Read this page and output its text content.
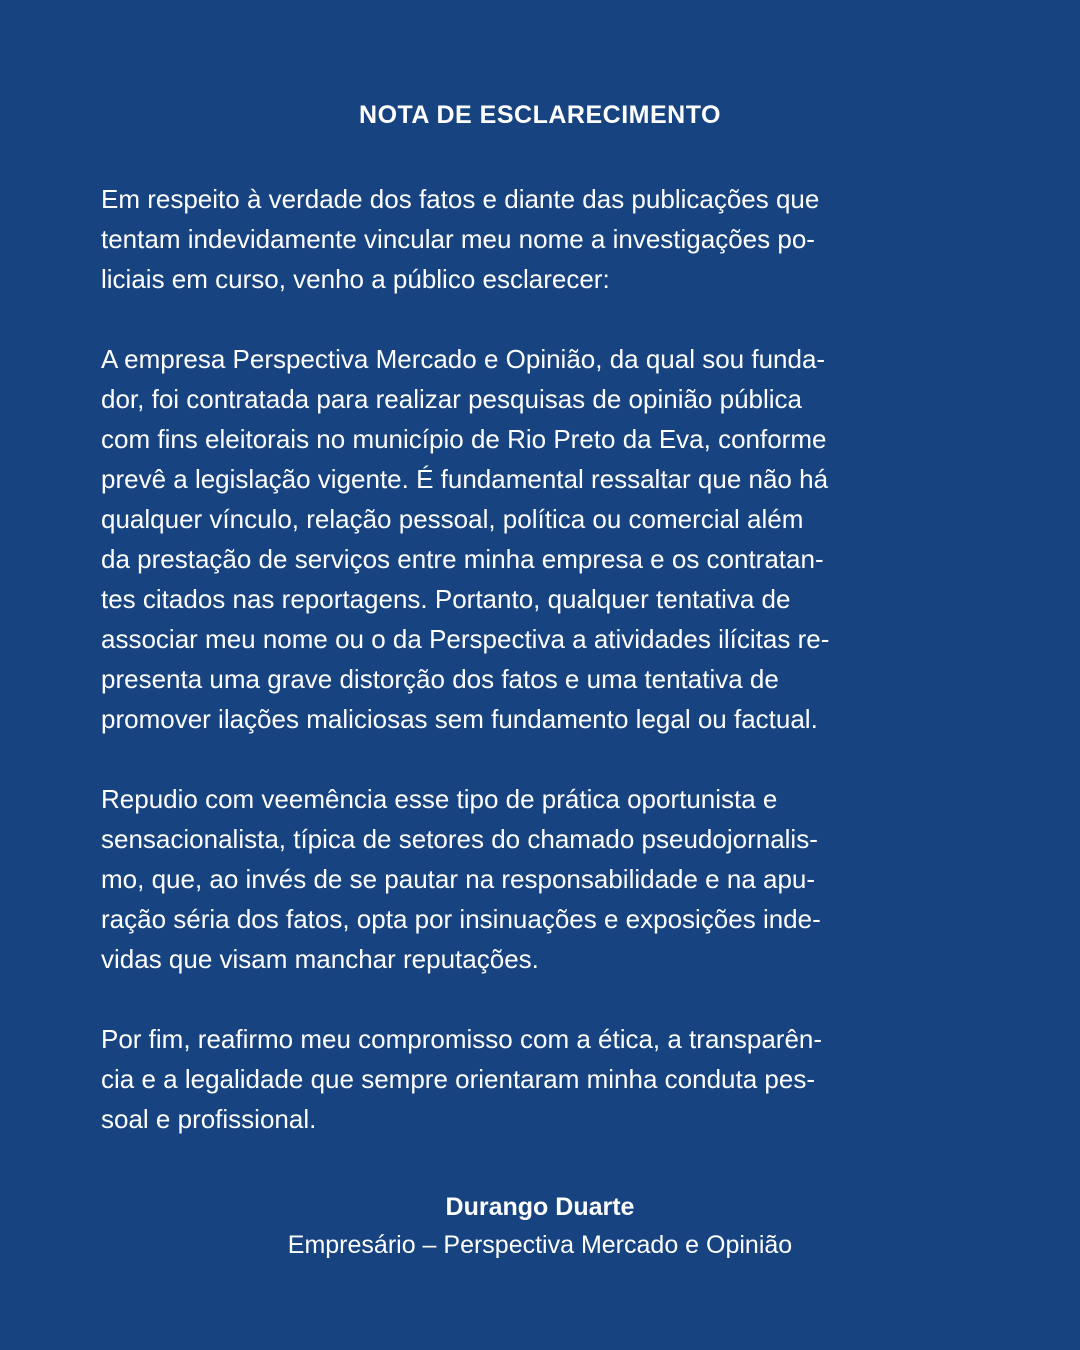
NOTA DE ESCLARECIMENTO

Em respeito à verdade dos fatos e diante das publicações que
tentam indevidamente vincular meu nome a investigações po-
liciais em curso, venho a público esclarecer:

A empresa Perspectiva Mercado e Opinião, da qual sou funda-
dor, foi contratada para realizar pesquisas de opinião pública
com fins eleitorais no município de Rio Preto da Eva, conforme
prevê a legislação vigente. É fundamental ressaltar que não há
qualquer vínculo, relação pessoal, política ou comercial além
da prestação de serviços entre minha empresa e os contratan-
tes citados nas reportagens. Portanto, qualquer tentativa de
associar meu nome ou o da Perspectiva a atividades ilícitas re-
presenta uma grave distorção dos fatos e uma tentativa de
promover ilações maliciosas sem fundamento legal ou factual.

Repudio com veemência esse tipo de prática oportunista e
sensacionalista, típica de setores do chamado pseudojornalis-
mo, que, ao invés de se pautar na responsabilidade e na apu-
ração séria dos fatos, opta por insinuações e exposições inde-
vidas que visam manchar reputações.

Por fim, reafirmo meu compromisso com a ética, a transparên-
cia e a legalidade que sempre orientaram minha conduta pes-
soal e profissional.

Durango Duarte
Empresário – Perspectiva Mercado e Opinião
